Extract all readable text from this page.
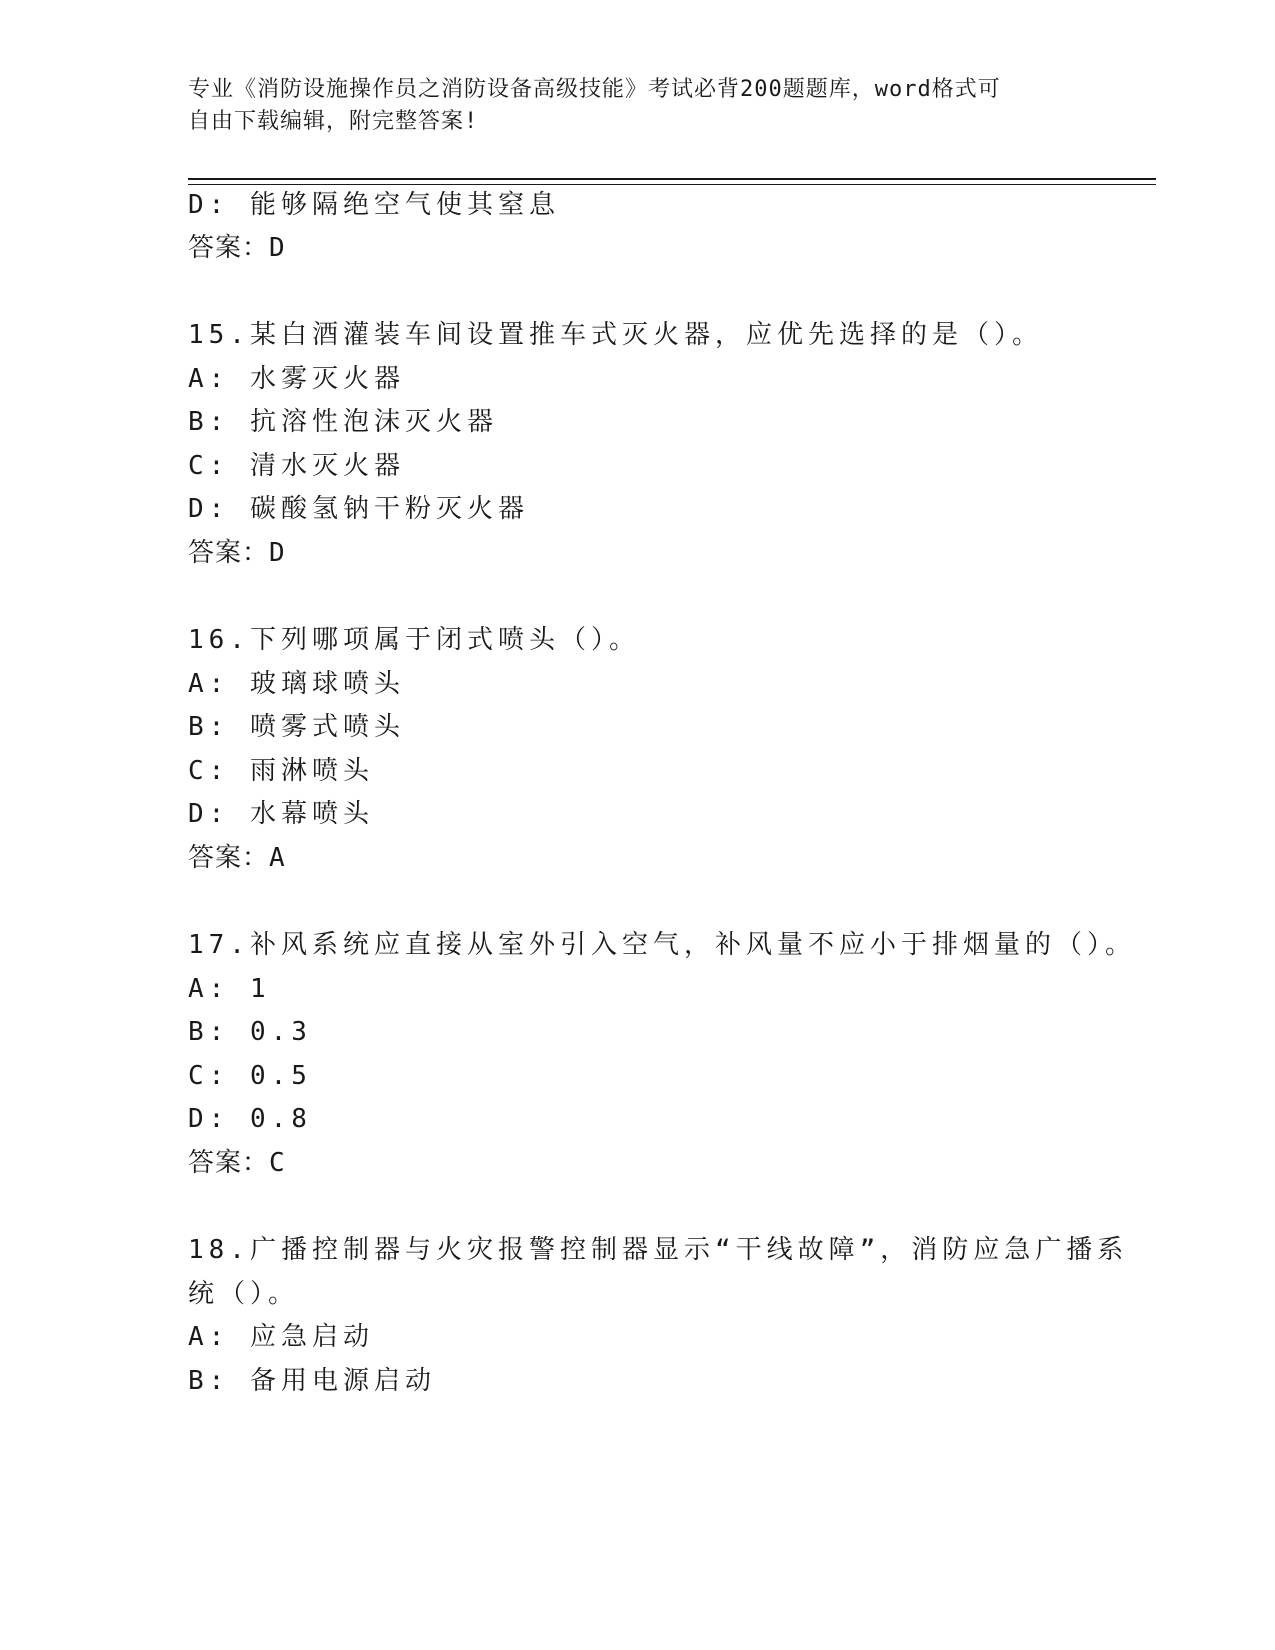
专业《消防设施操作员之消防设备高级技能》考试必背200题题库，word格式可
自由下载编辑，附完整答案!
D: 能够隔绝空气使其窒息
答案：D
15.某白酒灌装车间设置推车式灭火器，应优先选择的是（）。
A: 水雾灭火器
B: 抗溶性泡沫灭火器
C: 清水灭火器
D: 碳酸氢钠干粉灭火器
答案：D
16.下列哪项属于闭式喷头（）。
A: 玻璃球喷头
B: 喷雾式喷头
C: 雨淋喷头
D: 水幕喷头
答案：A
17.补风系统应直接从室外引入空气，补风量不应小于排烟量的（）。
A: 1
B: 0.3
C: 0.5
D: 0.8
答案：C
18.广播控制器与火灾报警控制器显示“干线故障”，消防应急广播系
统（）。
A: 应急启动
B: 备用电源启动
